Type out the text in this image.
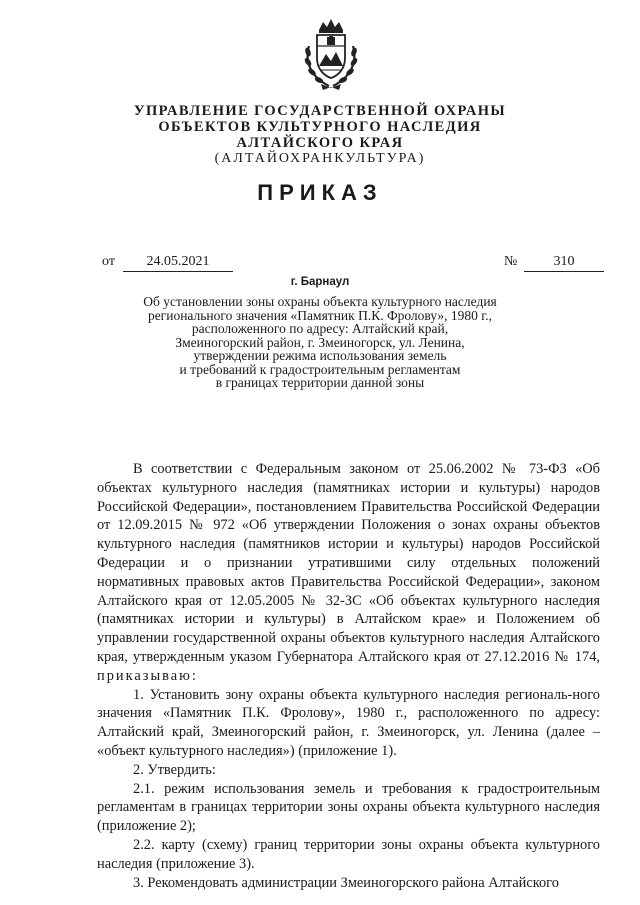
УПРАВЛЕНИЕ ГОСУДАРСТВЕННОЙ ОХРАНЫ
ОБЪЕКТОВ КУЛЬТУРНОГО НАСЛЕДИЯ
АЛТАЙСКОГО КРАЯ
(АЛТАЙОХРАНКУЛЬТУРА)
ПРИКАЗ
от	24.05.2021	№	310
г. Барнаул
Об установлении зоны охраны объекта культурного наследия
регионального значения «Памятник П.К. Фролову», 1980 г.,
расположенного по адресу: Алтайский край,
Змеиногорский район, г. Змеиногорск, ул. Ленина,
утверждении режима использования земель
и требований к градостроительным регламентам
в границах территории данной зоны

В соответствии с Федеральным законом от 25.06.2002 № 73-ФЗ «Об объектах культурного наследия (памятниках истории и культуры) народов Российской Федерации», постановлением Правительства Российской Федерации от 12.09.2015 № 972 «Об утверждении Положения о зонах охраны объектов культурного наследия (памятников истории и культуры) народов Российской Федерации и о признании утратившими силу отдельных положений нормативных правовых актов Правительства Российской Федерации», законом Алтайского края от 12.05.2005 № 32-ЗС «Об объектах культурного наследия (памятниках истории и культуры) в Алтайском крае» и Положением об управлении государственной охраны объектов культурного наследия Алтайского края, утвержденным указом Губернатора Алтайского края от 27.12.2016 № 174, приказываю:

1. Установить зону охраны объекта культурного наследия региональ-ного значения «Памятник П.К. Фролову», 1980 г., расположенного по адресу: Алтайский край, Змеиногорский район, г. Змеиногорск, ул. Ленина (далее – «объект культурного наследия») (приложение 1).

2. Утвердить:

2.1. режим использования земель и требования к градостроительным регламентам в границах территории зоны охраны объекта культурного наследия (приложение 2);

2.2. карту (схему) границ территории зоны охраны объекта культурного наследия (приложение 3).

3. Рекомендовать администрации Змеиногорского района Алтайского
